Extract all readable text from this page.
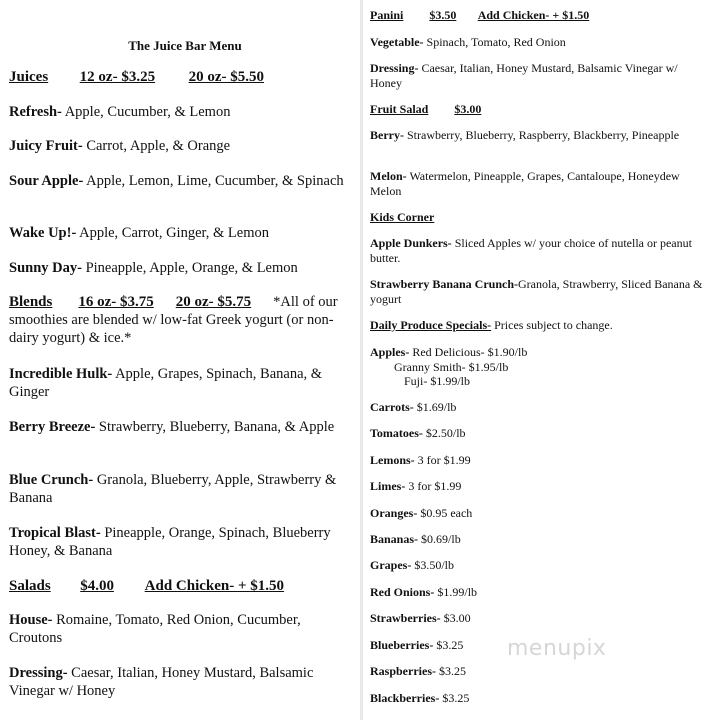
The Juice Bar Menu
Juices 12 oz- $3.25 20 oz- $5.50
Refresh- Apple, Cucumber, & Lemon
Juicy Fruit- Carrot, Apple, & Orange
Sour Apple- Apple, Lemon, Lime, Cucumber, & Spinach
Wake Up!- Apple, Carrot, Ginger, & Lemon
Sunny Day- Pineapple, Apple, Orange, & Lemon
Blends 16 oz- $3.75 20 oz- $5.75 *All of our smoothies are blended w/ low-fat Greek yogurt (or non-dairy yogurt) & ice.*
Incredible Hulk- Apple, Grapes, Spinach, Banana, & Ginger
Berry Breeze- Strawberry, Blueberry, Banana, & Apple
Blue Crunch- Granola, Blueberry, Apple, Strawberry & Banana
Tropical Blast- Pineapple, Orange, Spinach, Blueberry Honey, & Banana
Salads $4.00 Add Chicken- + $1.50
House- Romaine, Tomato, Red Onion, Cucumber, Croutons
Dressing- Caesar, Italian, Honey Mustard, Balsamic Vinegar w/ Honey
Panini $3.50 Add Chicken- + $1.50
Vegetable- Spinach, Tomato, Red Onion
Dressing- Caesar, Italian, Honey Mustard, Balsamic Vinegar w/ Honey
Fruit Salad $3.00
Berry- Strawberry, Blueberry, Raspberry, Blackberry, Pineapple
Melon- Watermelon, Pineapple, Grapes, Cantaloupe, Honeydew Melon
Kids Corner
Apple Dunkers- Sliced Apples w/ your choice of nutella or peanut butter.
Strawberry Banana Crunch-Granola, Strawberry, Sliced Banana & yogurt
Daily Produce Specials- Prices subject to change.
Apples- Red Delicious- $1.90/lb
Granny Smith- $1.95/lb
Fuji- $1.99/lb
Carrots- $1.69/lb
Tomatoes- $2.50/lb
Lemons- 3 for $1.99
Limes- 3 for $1.99
Oranges- $0.95 each
Bananas- $0.69/lb
Grapes- $3.50/lb
Red Onions- $1.99/lb
Strawberries- $3.00
Blueberries- $3.25
Raspberries- $3.25
Blackberries- $3.25
menupix
